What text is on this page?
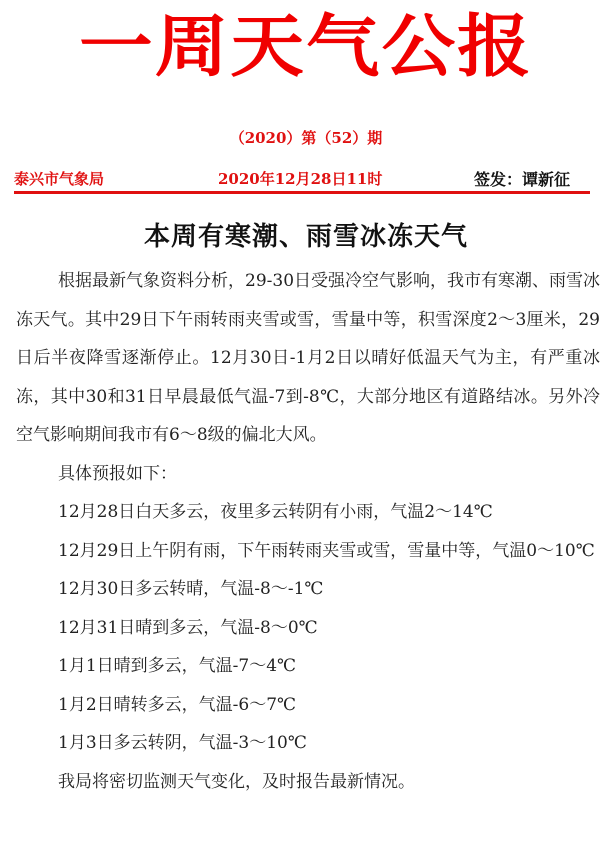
一周天气公报
（2020）第（52）期
泰兴市气象局	2020年12月28日11时	签发：谭新征
本周有寒潮、雨雪冰冻天气

根据最新气象资料分析，29-30日受强冷空气影响，我市有寒潮、雨雪冰冻天气。其中29日下午雨转雨夹雪或雪，雪量中等，积雪深度2～3厘米，29日后半夜降雪逐渐停止。12月30日-1月2日以晴好低温天气为主，有严重冰冻，其中30和31日早晨最低气温-7到-8℃，大部分地区有道路结冰。另外冷空气影响期间我市有6～8级的偏北大风。

具体预报如下：

12月28日白天多云，夜里多云转阴有小雨，气温2～14℃

12月29日上午阴有雨，下午雨转雨夹雪或雪，雪量中等，气温0～10℃

12月30日多云转晴，气温-8～-1℃

12月31日晴到多云，气温-8～0℃

1月1日晴到多云，气温-7～4℃

1月2日晴转多云，气温-6～7℃

1月3日多云转阴，气温-3～10℃

我局将密切监测天气变化，及时报告最新情况。
